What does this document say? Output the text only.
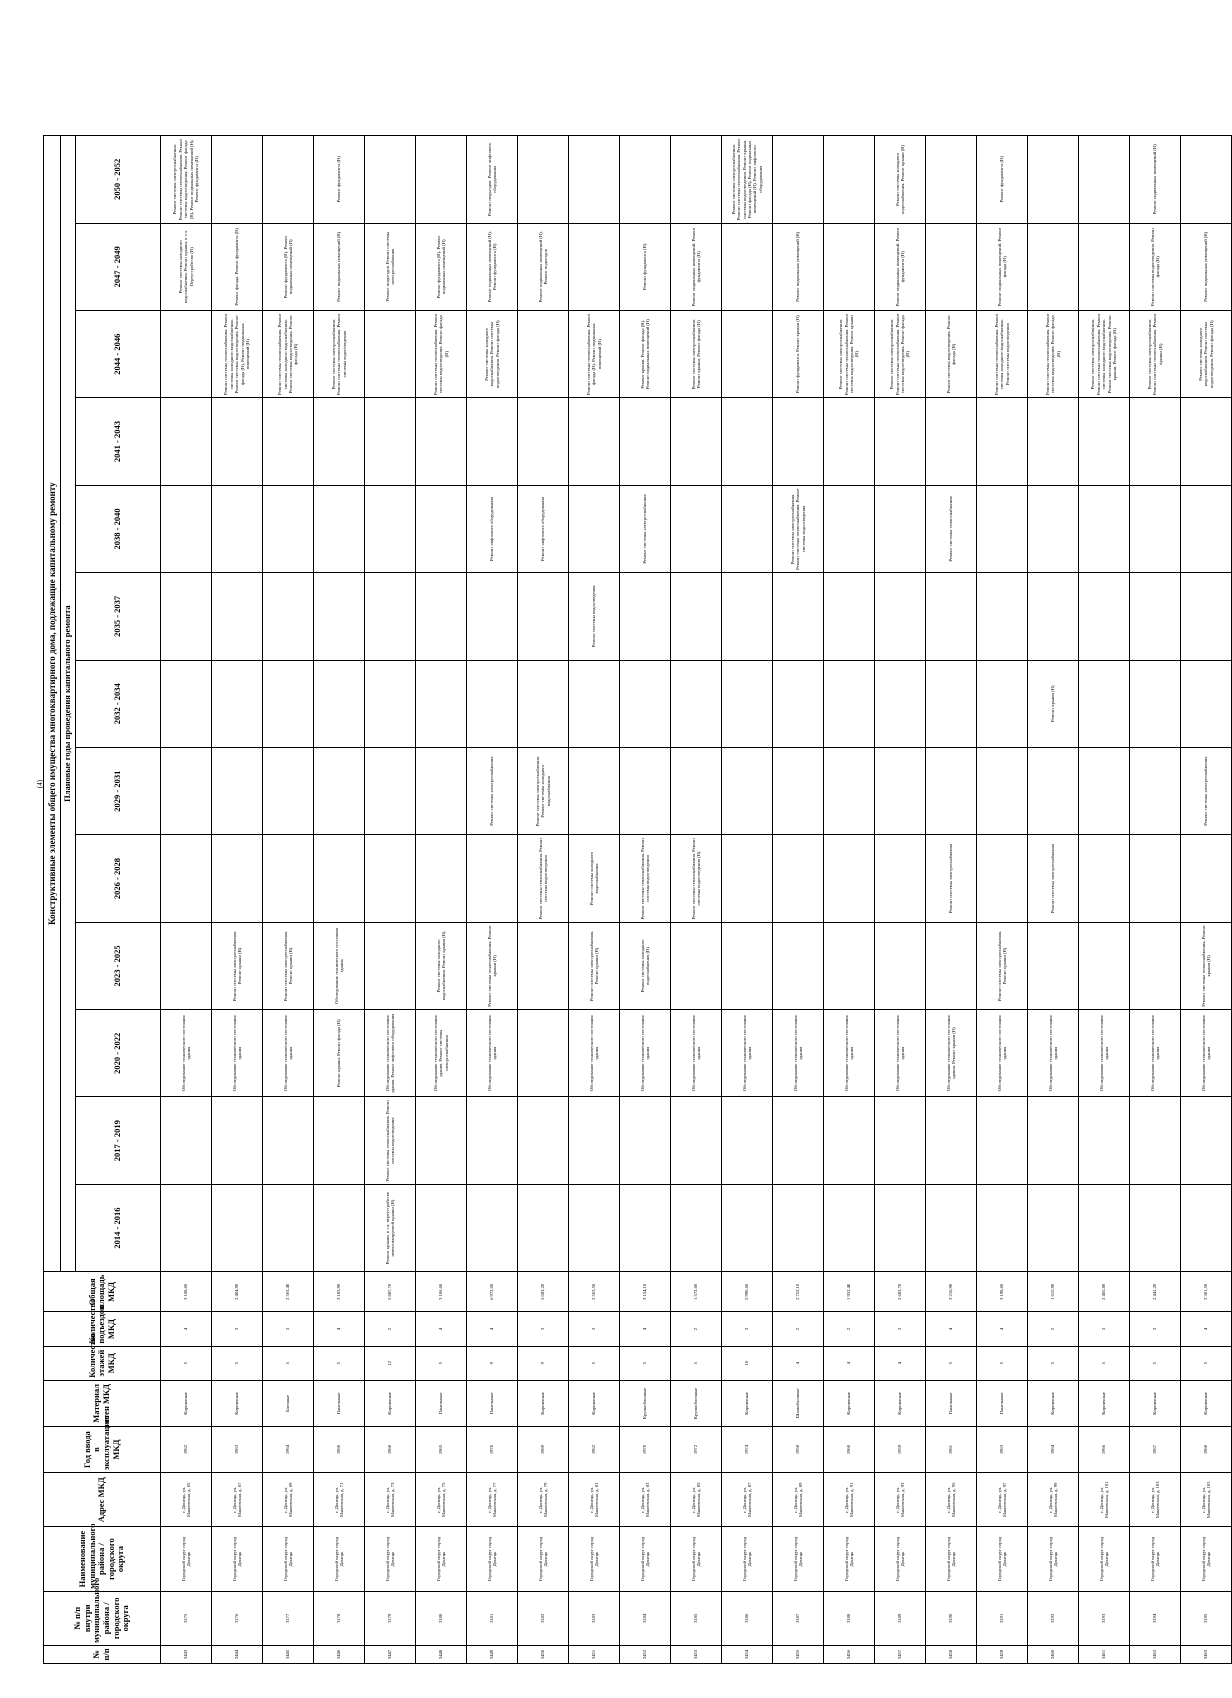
(4)
№ п/п	№ п/п внутри муниципального района / городского округа	Наименование муниципального района / городского округа	Адрес МКД	Год ввода в эксплуатацию МКД	Материал стен МКД	Количество этажей МКД	Количество подъездов МКД	Общая площадь МКД	Конструктивные элементы общего имущества многоквартирного дома, подлежащие капитальному ремонту												
									Плановые годы проведения капитального ремонта												
									2014 - 2016	2017 - 2019	2020 - 2022	2023 - 2025	2026 - 2028	2029 - 2031	2032 - 2034	2035 - 2037	2038 - 2040	2041 - 2043	2044 - 2046	2047 - 2049	2050 - 2052
3443	3175	Городской округ город Донецк	г. Донецк, ул. Макеевская, д. 65	1962	Кирпичные	5	4	3 108,60			Обследование технического состояния здания									Ремонт системы холодного водоснабжения. Ремонт крыши, в т.ч. Переустройство (Н)	Ремонт системы электроснабжения. Ремонт системы теплоснабжения. Ремонт системы водоотведения. Ремонт фасада (Н). Ремонт подвальных помещений (Н). Ремонт фундамента (Н)
3444	3176	Городской округ город Донецк	г. Донецк, ул. Макеевская, д. 67	1963	Кирпичные	5	3	2 404,90			Обследование технического состояния здания	Ремонт системы электроснабжения. Ремонт крыши (Н)							Ремонт системы теплоснабжения. Ремонт системы холодного водоснабжения. Ремонт системы водоотведения. Ремонт фасада (Н). Ремонт подвальных помещений (Н)	Ремонт фасада. Ремонт фундамента (Н)	
3445	3177	Городской округ город Донецк	г. Донецк, ул. Макеевская, д. 69	1964	Блочные	5	3	2 563,40			Обследование технического состояния здания	Ремонт системы электроснабжения. Ремонт крыши (Н)							Ремонт системы теплоснабжения. Ремонт системы холодного водоснабжения. Ремонт системы водоотведения. Ремонт фасада (Н)	Ремонт фундамента (Н). Ремонт подвальных помещений (Н)	
3446	3178	Городской округ город Донецк	г. Донецк, ул. Макеевская, д. 71	1960	Панельные	5	4	3 183,90			Ремонт крыши. Ремонт фасада (Н)	Обследование технического состояния здания							Ремонт системы электроснабжения. Ремонт системы теплоснабжения. Ремонт системы водоотведения	Ремонт подвальных помещений (Н)	Ремонт фундамента (Н)
3447	3179	Городской округ город Донецк	г. Донецк, ул. Макеевская, д. 73	1968	Кирпичные	12	2	5 887,70	Ремонт крыши, в т.ч. переустройство невентилируемой крыши (Н)	Ремонт системы теплоснабжения. Ремонт системы водоотведения	Обследование технического состояния здания. Ремонт лифтового оборудования									Ремонт подъездов. Ремонт системы электроснабжения	
3448	3180	Городской округ город Донецк	г. Донецк, ул. Макеевская, д. 75	1965	Панельные	5	4	3 106,60			Обследование технического состояния здания. Ремонт системы электроснабжения	Ремонт системы холодного водоснабжения. Ремонт крыши (Н)							Ремонт системы теплоснабжения. Ремонт системы водоотведения. Ремонт фасада (Н)	Ремонт фундамента (Н). Ремонт подвальных помещений (Н)	
3449	3181	Городской округ город Донецк	г. Донецк, ул. Макеевская, д. 77	1970	Панельные	9	4	6 972,00			Обследование технического состояния здания	Ремонт системы теплоснабжения. Ремонт крыши (Н)		Ремонт системы электроснабжения			Ремонт лифтового оборудования		Ремонт системы холодного водоснабжения. Ремонт системы водоотведения. Ремонт фасада (Н)	Ремонт подвальных помещений (Н). Ремонт фундамента (Н)	Ремонт подъездов. Ремонт лифтового оборудования
3450	3182	Городской округ город Донецк	г. Донецк, ул. Макеевская, д. 79	1969	Кирпичные	9	3	5 083,20					Ремонт системы теплоснабжения. Ремонт системы водоотведения	Ремонт системы электроснабжения. Ремонт системы холодного водоснабжения			Ремонт лифтового оборудования			Ремонт подвальных помещений (Н). Ремонт подъездов	
3451	3183	Городской округ город Донецк	г. Донецк, ул. Макеевская, д. 81	1962	Кирпичные	5	3	2 563,50			Обследование технического состояния здания	Ремонт системы электроснабжения. Ремонт крыши (Н)	Ремонт системы холодного водоснабжения			Ремонт системы водоотведения			Ремонт системы теплоснабжения. Ремонт фасада (Н). Ремонт подвальных помещений (Н)		
3452	3184	Городской округ город Донецк	г. Донецк, ул. Макеевская, д. 83	1970	Крупноблочные	5	4	3 154,10			Обследование технического состояния здания	Ремонт системы холодного водоснабжения (Н)	Ремонт системы теплоснабжения. Ремонт системы водоотведения				Ремонт системы электроснабжения		Ремонт крыши. Ремонт фасада (Н). Ремонт подвальных помещений (Н)	Ремонт фундамента (Н)	
3453	3185	Городской округ город Донецк	г. Донецк, ул. Макеевская, д. 85	1972	Крупноблочные	5	2	1 572,60			Обследование технического состояния здания		Ремонт системы теплоснабжения. Ремонт системы водоотведения (Н)						Ремонт системы электроснабжения. Ремонт крыши. Ремонт фасада (Н)	Ремонт подвальных помещений. Ремонт фундамента (Н)	
3454	3186	Городской округ город Донецк	г. Донецк, ул. Макеевская, д. 87	1974	Кирпичные	10	3	5 990,60			Обследование технического состояния здания										Ремонт системы электроснабжения. Ремонт системы теплоснабжения. Ремонт системы водоотведения. Ремонт крыши. Ремонт фасада (Н). Ремонт подвальных помещений (Н). Ремонт лифтового оборудования
3455	3187	Городской округ город Донецк	г. Донецк, ул. Макеевская, д. 89	1958	Шлакоблочные	4	2	2 752,10			Обследование технического состояния здания						Ремонт системы электроснабжения. Ремонт системы теплоснабжения. Ремонт системы водоотведения		Ремонт фундамента. Ремонт крыши (Н)	Ремонт подвальных помещений (Н)	
3456	3188	Городской округ город Донецк	г. Донецк, ул. Макеевская, д. 91	1960	Кирпичные	4	2	1 952,40			Обследование технического состояния здания								Ремонт системы электроснабжения. Ремонт системы теплоснабжения. Ремонт системы водоотведения. Ремонт крыши (Н)		
3457	3189	Городской округ город Донецк	г. Донецк, ул. Макеевская, д. 93	1959	Кирпичные	4	3	2 683,70			Обследование технического состояния здания								Ремонт системы электроснабжения. Ремонт системы теплоснабжения. Ремонт системы водоотведения. Ремонт фасада (Н)	Ремонт подвальных помещений. Ремонт фундамента (Н)	Ремонт системы холодного водоснабжения. Ремонт крыши (Н)
3458	3190	Городской округ город Донецк	г. Донецк, ул. Макеевская, д. 95	1961	Панельные	5	4	3 216,90			Обследование технического состояния здания. Ремонт крыши (Н)		Ремонт системы электроснабжения				Ремонт системы теплоснабжения		Ремонт системы водоотведения. Ремонт фасада (Н)		
3459	3191	Городской округ город Донецк	г. Донецк, ул. Макеевская, д. 97	1963	Панельные	5	4	3 198,60			Обследование технического состояния здания	Ремонт системы электроснабжения. Ремонт крыши (Н)							Ремонт системы теплоснабжения. Ремонт системы холодного водоснабжения. Ремонт системы водоотведения	Ремонт подвальных помещений. Ремонт фасада (Н)	Ремонт фундамента (Н)
3460	3192	Городской округ город Донецк	г. Донецк, ул. Макеевская, д. 99	1964	Кирпичные	5	2	1 615,90			Обследование технического состояния здания		Ремонт системы электроснабжения		Ремонт крыши (Н)				Ремонт системы теплоснабжения. Ремонт системы водоотведения. Ремонт фасада (Н)		
3461	3193	Городской округ город Донецк	г. Донецк, ул. Макеевская, д. 101	1966	Кирпичные	5	3	2 465,80			Обследование технического состояния здания								Ремонт системы электроснабжения. Ремонт системы теплоснабжения. Ремонт системы холодного водоснабжения. Ремонт системы водоотведения. Ремонт крыши. Ремонт фасада (Н)		
3462	3194	Городской округ город Донецк	г. Донецк, ул. Макеевская, д. 103	1967	Кирпичные	5	3	2 441,20			Обследование технического состояния здания								Ремонт системы электроснабжения. Ремонт системы теплоснабжения. Ремонт крыши (Н)	Ремонт системы водоотведения. Ремонт фасада (Н)	Ремонт подвальных помещений (Н)
3463	3195	Городской округ город Донецк	г. Донецк, ул. Макеевская, д. 105	1968	Кирпичные	5	4	3 301,50			Обследование технического состояния здания	Ремонт системы теплоснабжения. Ремонт крыши (Н)		Ремонт системы электроснабжения					Ремонт системы холодного водоснабжения. Ремонт системы водоотведения. Ремонт фасада (Н)	Ремонт подвальных помещений (Н)	
